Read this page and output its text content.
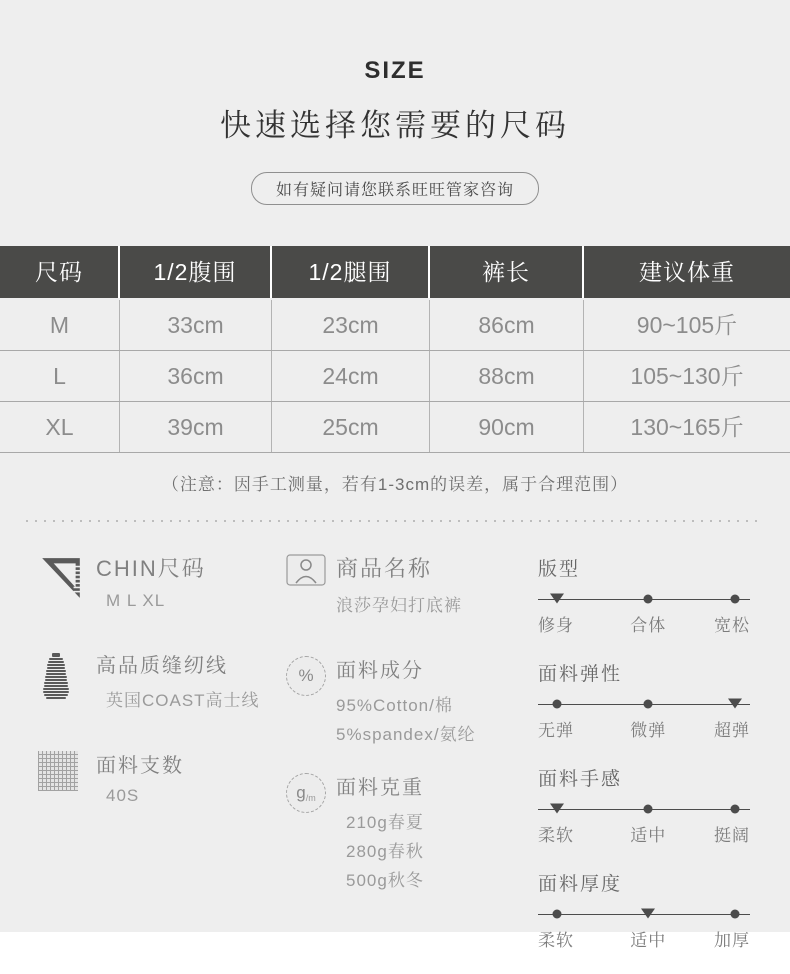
SIZE
快速选择您需要的尺码
如有疑问请您联系旺旺管家咨询
尺码	1/2腹围	1/2腿围	裤长	建议体重
M	33cm	23cm	86cm	90~105斤
L	36cm	24cm	88cm	105~130斤
XL	39cm	25cm	90cm	130~165斤
（注意：因手工测量，若有1-3cm的误差，属于合理范围）
CHIN尺码
M L XL
高品质缝纫线
英国COAST高士线
面料支数
40S
商品名称
浪莎孕妇打底裤
% 面料成分
95%Cotton/棉
5%spandex/氨纶
g /m 面料克重
210g春夏
280g春秋
500g秋冬
版型
修身	合体	宽松
面料弹性
无弹	微弹	超弹
面料手感
柔软	适中	挺阔
面料厚度
柔软	适中	加厚
